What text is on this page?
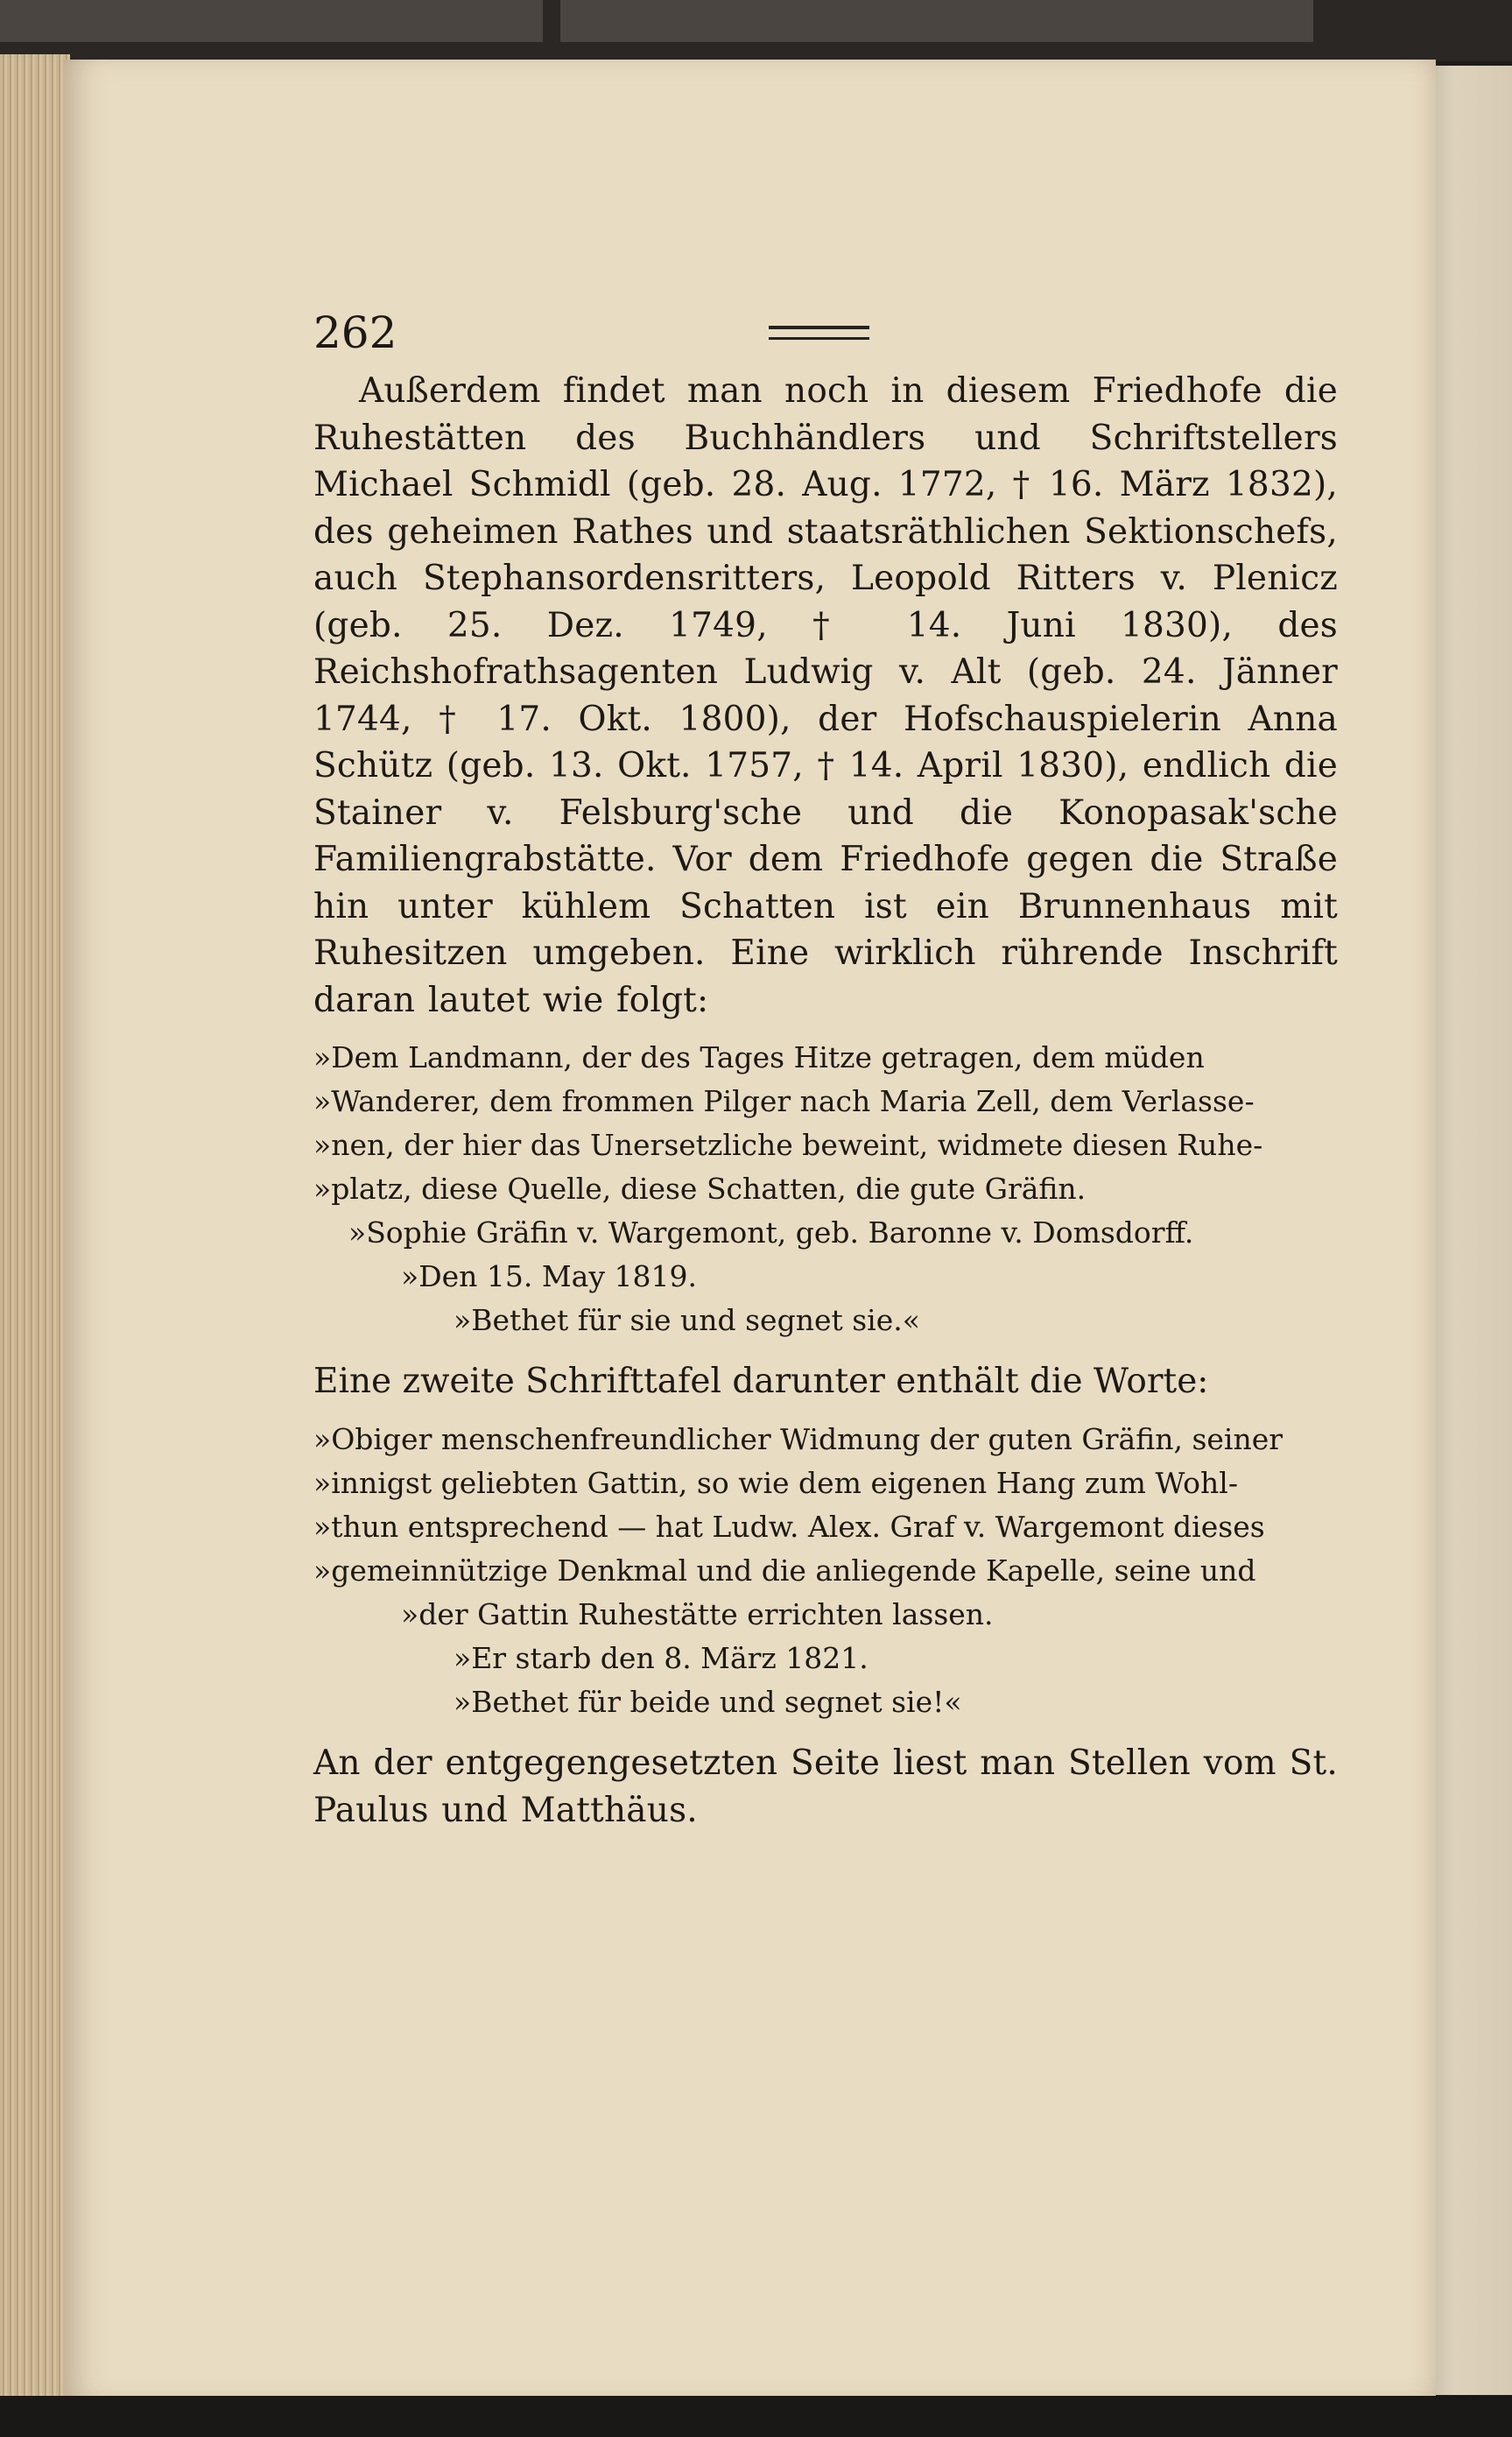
262

Außerdem findet man noch in diesem Friedhofe die Ruhestätten des Buchhändlers und Schriftstellers Michael Schmidl (geb. 28. Aug. 1772, † 16. März 1832), des geheimen Rathes und staatsräthlichen Sektionschefs, auch Stephansordensritters, Leopold Ritters v. Plenicz (geb. 25. Dez. 1749, † 14. Juni 1830), des Reichshofrathsagenten Ludwig v. Alt (geb. 24. Jänner 1744, † 17. Okt. 1800), der Hofschauspielerin Anna Schütz (geb. 13. Okt. 1757, † 14. April 1830), endlich die Stainer v. Felsburg'sche und die Konopasak'sche Familiengrabstätte. Vor dem Friedhofe gegen die Straße hin unter kühlem Schatten ist ein Brunnenhaus mit Ruhesitzen umgeben. Eine wirklich rührende Inschrift daran lautet wie folgt:

»Dem Landmann, der des Tages Hitze getragen, dem müden

»Wanderer, dem frommen Pilger nach Maria Zell, dem Verlasse-

»nen, der hier das Unersetzliche beweint, widmete diesen Ruhe-

»platz, diese Quelle, diese Schatten, die gute Gräfin.

»Sophie Gräfin v. Wargemont, geb. Baronne v. Domsdorff.

»Den 15. May 1819.

»Bethet für sie und segnet sie.«

Eine zweite Schrifttafel darunter enthält die Worte:

»Obiger menschenfreundlicher Widmung der guten Gräfin, seiner

»innigst geliebten Gattin, so wie dem eigenen Hang zum Wohl-

»thun entsprechend — hat Ludw. Alex. Graf v. Wargemont dieses

»gemeinnützige Denkmal und die anliegende Kapelle, seine und

»der Gattin Ruhestätte errichten lassen.

»Er starb den 8. März 1821.

»Bethet für beide und segnet sie!«

An der entgegengesetzten Seite liest man Stellen vom St. Paulus und Matthäus.
